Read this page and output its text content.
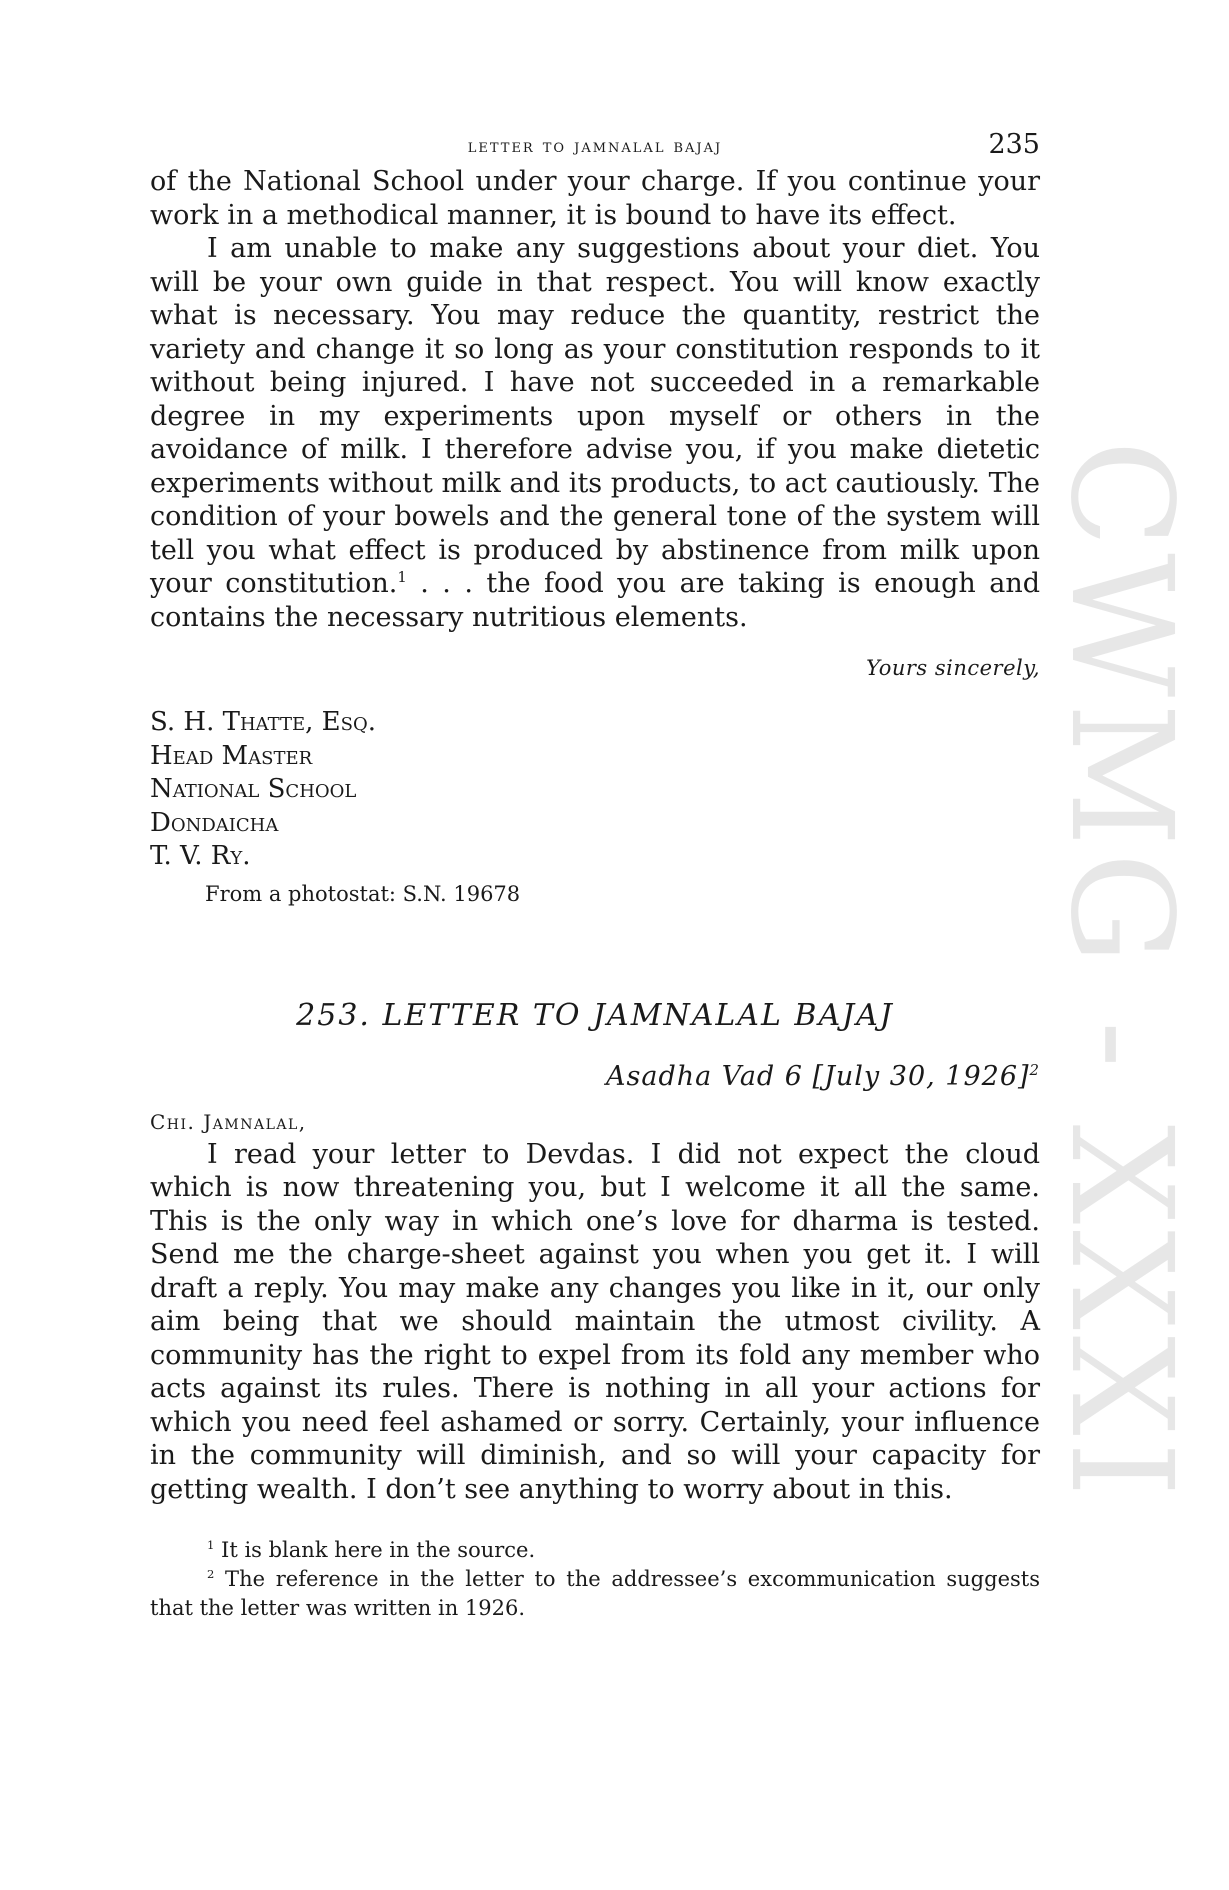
CWMG - XXXI
letter to jamnalal bajaj	235

of the National School under your charge. If you continue your work in a methodical manner, it is bound to have its effect.

I am unable to make any suggestions about your diet. You will be your own guide in that respect. You will know exactly what is necessary. You may reduce the quantity, restrict the variety and change it so long as your constitution responds to it without being injured. I have not succeeded in a remarkable degree in my experiments upon myself or others in the avoidance of milk. I therefore advise you, if you make dietetic experiments without milk and its products, to act cautiously. The condition of your bowels and the general tone of the system will tell you what effect is produced by abstinence from milk upon your constitution.$^1$ . . . the food you are taking is enough and contains the necessary nutritious elements.

Yours sincerely,
S. H. Thatte, Esq.
Head Master
National School
Dondaicha
T. V. Ry.
From a photostat: S.N. 19678
253. LETTER TO JAMNALAL BAJAJ
Asadha Vad 6 [July 30, 1926]$^2$
Chi. Jamnalal,

I read your letter to Devdas. I did not expect the cloud which is now threatening you, but I welcome it all the same. This is the only way in which one’s love for dharma is tested. Send me the charge-sheet against you when you get it. I will draft a reply. You may make any changes you like in it, our only aim being that we should maintain the utmost civility. A community has the right to expel from its fold any member who acts against its rules. There is nothing in all your actions for which you need feel ashamed or sorry. Certainly, your influence in the community will diminish, and so will your capacity for getting wealth. I don’t see anything to worry about in this.

$^1$ It is blank here in the source.

$^2$ The reference in the letter to the addressee’s excommunication suggests that the letter was written in 1926.
